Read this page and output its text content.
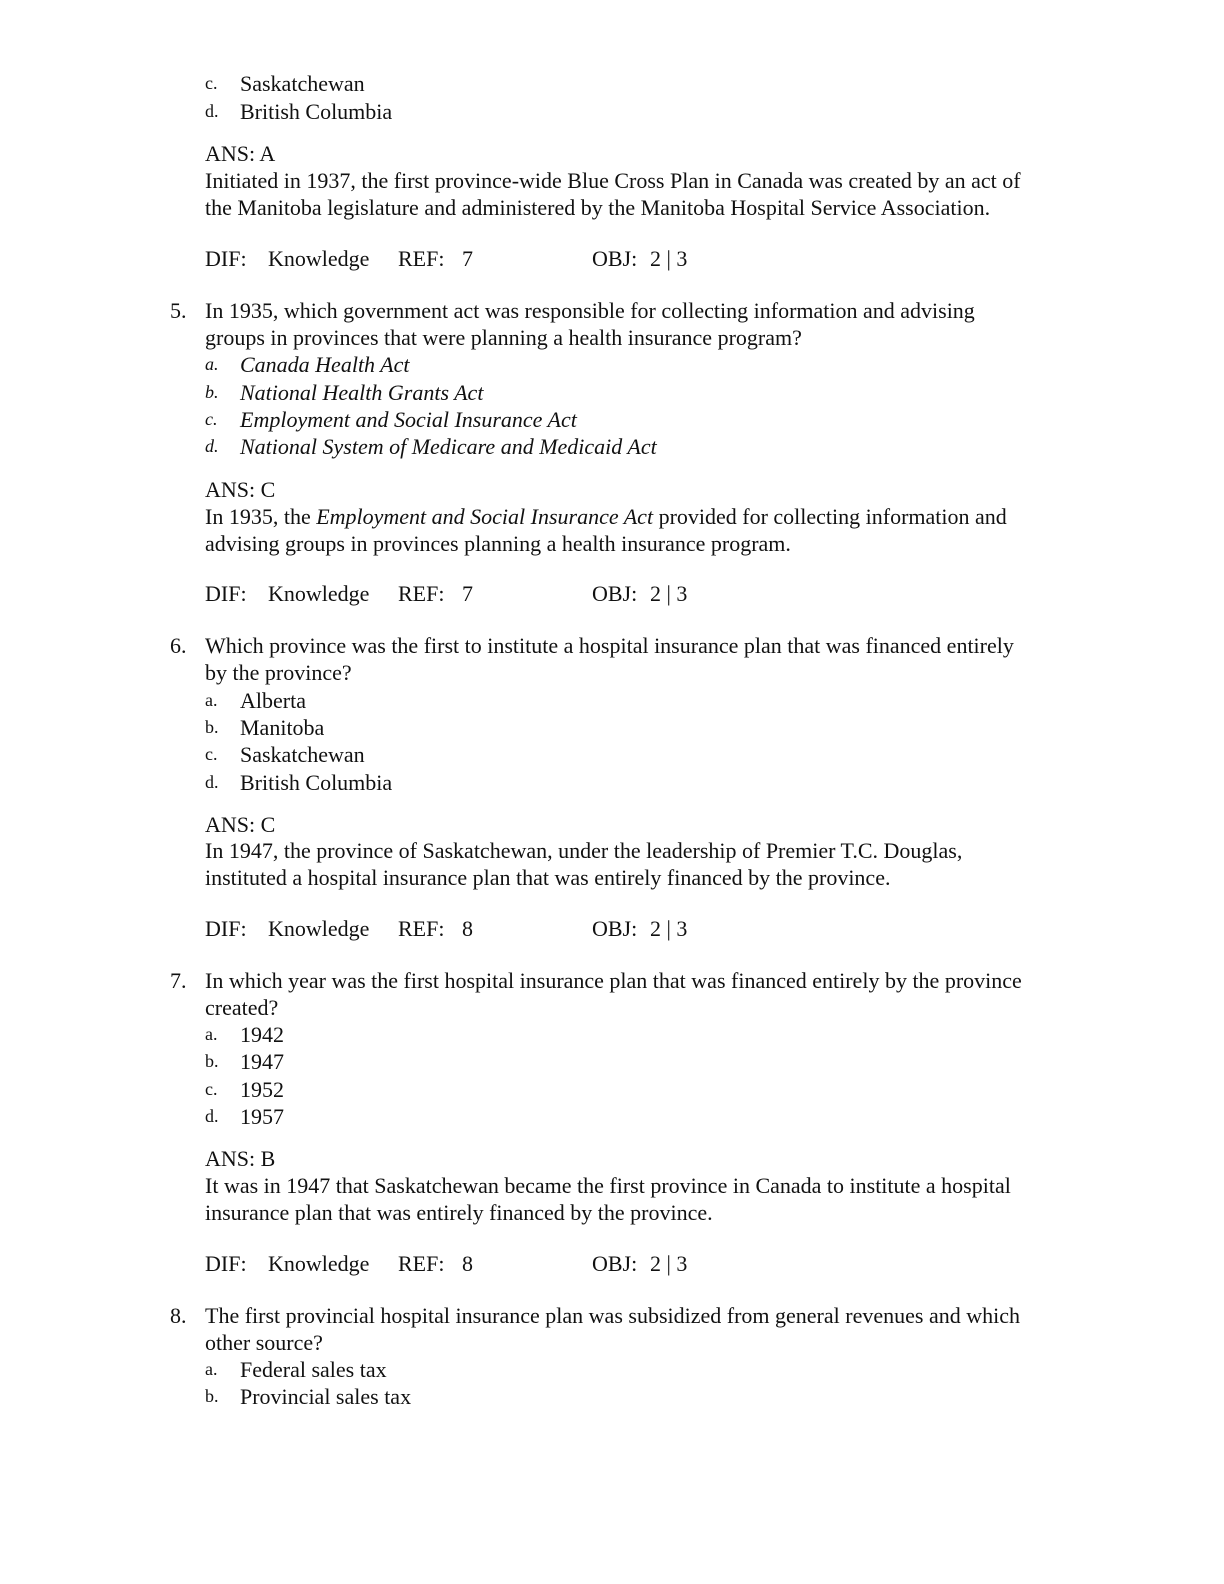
c. Saskatchewan
d. British Columbia
ANS: A

Initiated in 1937, the first province-wide Blue Cross Plan in Canada was created by an act of

the Manitoba legislature and administered by the Manitoba Hospital Service Association.

DIF: Knowledge REF: 7	OBJ: 2 | 3
5. In 1935, which government act was responsible for collecting information and advising

groups in provinces that were planning a health insurance program?

a. Canada Health Act
b. National Health Grants Act
c. Employment and Social Insurance Act
d. National System of Medicare and Medicaid Act
ANS: C

In 1935, the Employment and Social Insurance Act provided for collecting information and

advising groups in provinces planning a health insurance program.

DIF: Knowledge REF: 7	OBJ: 2 | 3
6. Which province was the first to institute a hospital insurance plan that was financed entirely

by the province?

a. Alberta
b. Manitoba
c. Saskatchewan
d. British Columbia
ANS: C

In 1947, the province of Saskatchewan, under the leadership of Premier T.C. Douglas,

instituted a hospital insurance plan that was entirely financed by the province.

DIF: Knowledge REF: 8	OBJ: 2 | 3
7. In which year was the first hospital insurance plan that was financed entirely by the province

created?

a. 1942
b. 1947
c. 1952
d. 1957
ANS: B

It was in 1947 that Saskatchewan became the first province in Canada to institute a hospital

insurance plan that was entirely financed by the province.

DIF: Knowledge REF: 8	OBJ: 2 | 3
8. The first provincial hospital insurance plan was subsidized from general revenues and which

other source?

a. Federal sales tax
b. Provincial sales tax
